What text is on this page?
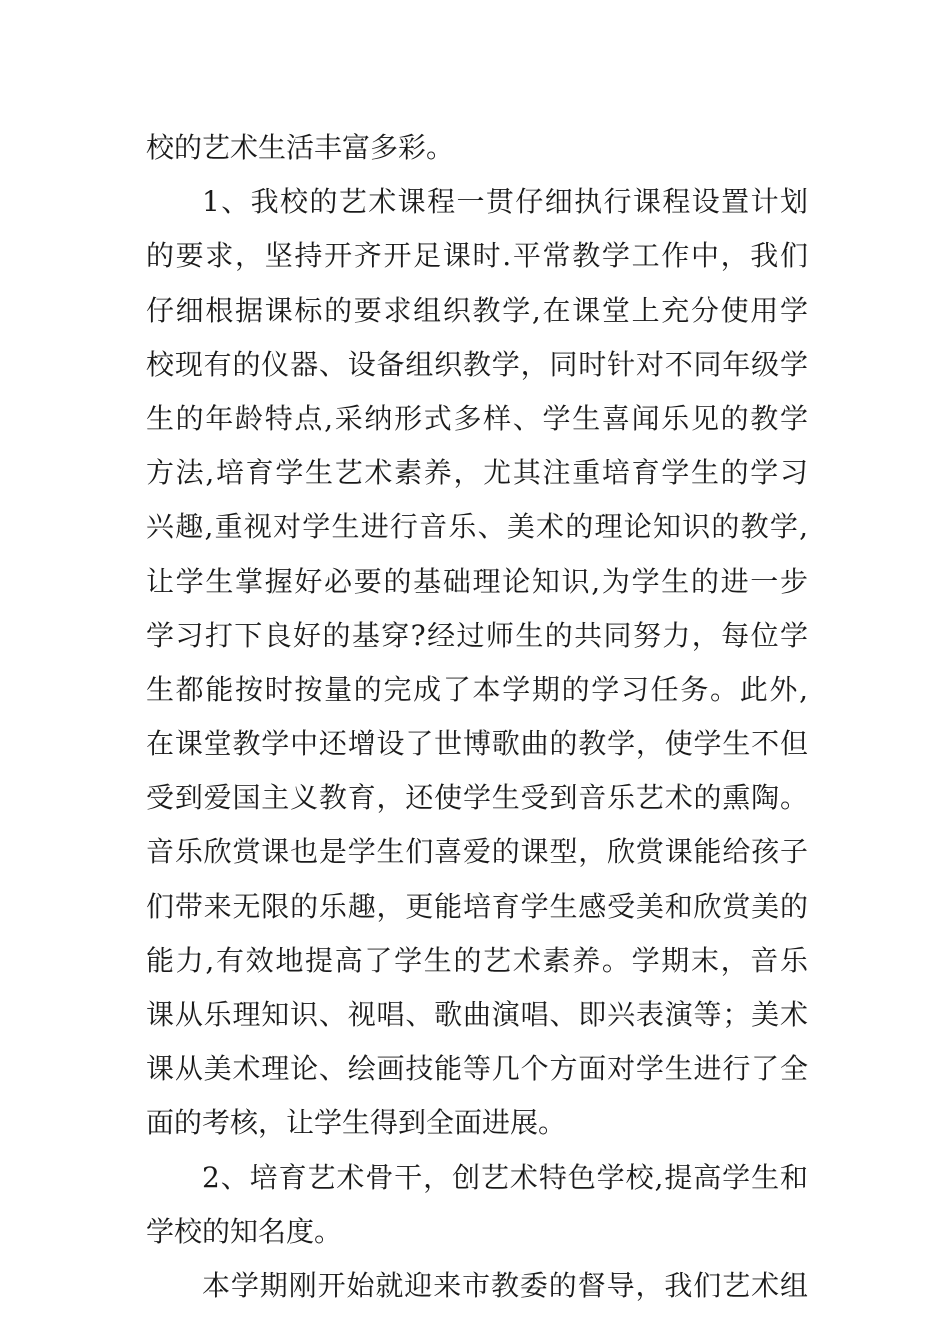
校的艺术生活丰富多彩。
1、我校的艺术课程一贯仔细执行课程设置计划
的要求，坚持开齐开足课时.平常教学工作中，我们
仔细根据课标的要求组织教学,在课堂上充分使用学
校现有的仪器、设备组织教学，同时针对不同年级学
生的年龄特点,采纳形式多样、学生喜闻乐见的教学
方法,培育学生艺术素养，尤其注重培育学生的学习
兴趣,重视对学生进行音乐、美术的理论知识的教学,
让学生掌握好必要的基础理论知识,为学生的进一步
学习打下良好的基穿?经过师生的共同努力，每位学
生都能按时按量的完成了本学期的学习任务。此外,
在课堂教学中还增设了世博歌曲的教学，使学生不但
受到爱国主义教育，还使学生受到音乐艺术的熏陶。
音乐欣赏课也是学生们喜爱的课型，欣赏课能给孩子
们带来无限的乐趣，更能培育学生感受美和欣赏美的
能力,有效地提高了学生的艺术素养。学期末，音乐
课从乐理知识、视唱、歌曲演唱、即兴表演等；美术
课从美术理论、绘画技能等几个方面对学生进行了全
面的考核，让学生得到全面进展。
2、培育艺术骨干，创艺术特色学校,提高学生和
学校的知名度。
本学期刚开始就迎来市教委的督导，我们艺术组
